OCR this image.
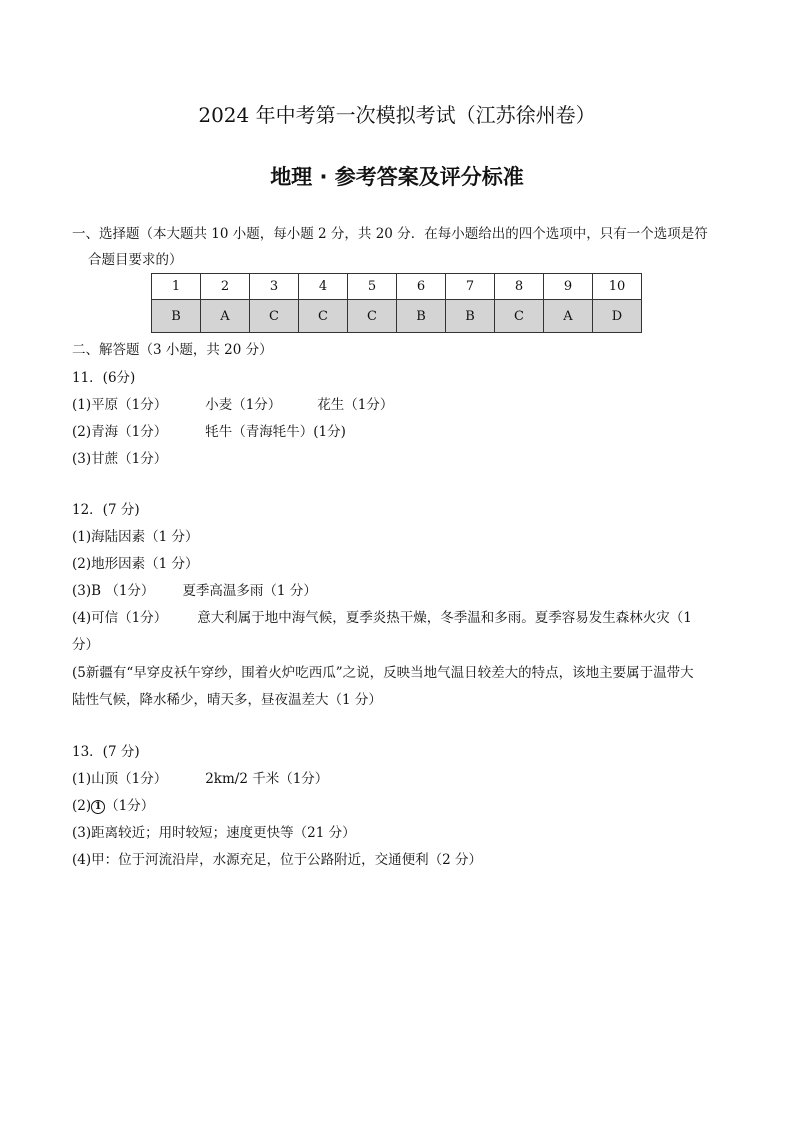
2024 年中考第一次模拟考试（江苏徐州卷）
地理 · 参考答案及评分标准
一、选择题（本大题共 10 小题，每小题 2 分，共 20 分．在每小题给出的四个选项中，只有一个选项是符
合题目要求的）
1	2	3	4	5	6	7	8	9	10
B	A	C	C	C	B	B	C	A	D
二、解答题（3 小题，共 20 分）
11．(6分)
(1)平原（1分）	小麦（1分）	花生（1分）
(2)青海（1分）	牦牛（青海牦牛）(1分)
(3)甘蔗（1分）
12．(7 分)
(1)海陆因素（1 分）
(2)地形因素（1 分）
(3)B （1分） 夏季高温多雨（1 分）
(4)可信（1分） 意大利属于地中海气候，夏季炎热干燥，冬季温和多雨。夏季容易发生森林火灾（1
分）
(5新疆有“早穿皮袄午穿纱，围着火炉吃西瓜”之说，反映当地气温日较差大的特点，该地主要属于温带大
陆性气候，降水稀少，晴天多，昼夜温差大（1 分）
13．(7 分)
(1)山顶（1分）	2km/2 千米（1分）
(2) 1 （1分）
(3)距离较近；用时较短；速度更快等（21 分）
(4)甲：位于河流沿岸，水源充足，位于公路附近，交通便利（2 分）
